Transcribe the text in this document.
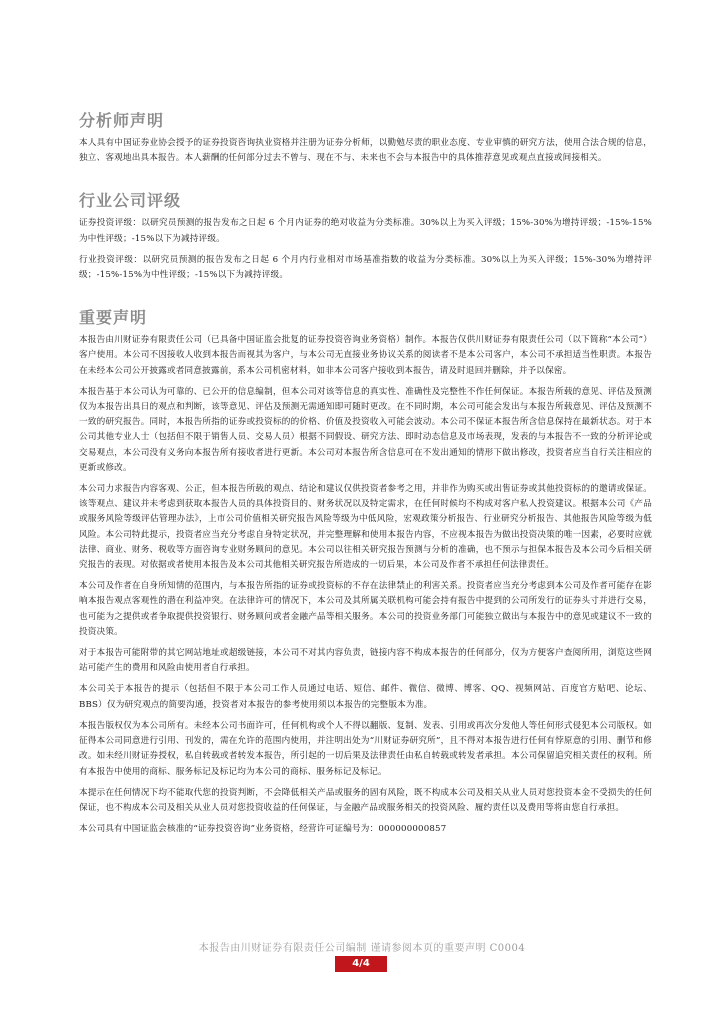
分析师声明

本人具有中国证券业协会授予的证券投资咨询执业资格并注册为证券分析师，以勤勉尽责的职业态度、专业审慎的研究方法，使用合法合规的信息，独立、客观地出具本报告。本人薪酬的任何部分过去不曾与、现在不与、未来也不会与本报告中的具体推荐意见或观点直接或间接相关。

行业公司评级

证券投资评级：以研究员预测的报告发布之日起 6 个月内证券的绝对收益为分类标准。30%以上为买入评级；15%-30%为增持评级；-15%-15%为中性评级；-15%以下为减持评级。

行业投资评级：以研究员预测的报告发布之日起 6 个月内行业相对市场基准指数的收益为分类标准。30%以上为买入评级；15%-30%为增持评级；-15%-15%为中性评级；-15%以下为减持评级。

重要声明

本报告由川财证券有限责任公司（已具备中国证监会批复的证券投资咨询业务资格）制作。本报告仅供川财证券有限责任公司（以下简称“本公司”）客户使用。本公司不因接收人收到本报告而视其为客户，与本公司无直接业务协议关系的阅读者不是本公司客户，本公司不承担适当性职责。本报告在未经本公司公开披露或者同意披露前，系本公司机密材料，如非本公司客户接收到本报告，请及时退回并删除，并予以保密。

本报告基于本公司认为可靠的、已公开的信息编制，但本公司对该等信息的真实性、准确性及完整性不作任何保证。本报告所载的意见、评估及预测仅为本报告出具日的观点和判断，该等意见、评估及预测无需通知即可随时更改。在不同时期，本公司可能会发出与本报告所载意见、评估及预测不一致的研究报告。同时，本报告所指的证券或投资标的的价格、价值及投资收入可能会波动。本公司不保证本报告所含信息保持在最新状态。对于本公司其他专业人士（包括但不限于销售人员、交易人员）根据不同假设、研究方法、即时动态信息及市场表现，发表的与本报告不一致的分析评论或交易观点，本公司没有义务向本报告所有接收者进行更新。本公司对本报告所含信息可在不发出通知的情形下做出修改，投资者应当自行关注相应的更新或修改。

本公司力求报告内容客观、公正，但本报告所载的观点、结论和建议仅供投资者参考之用，并非作为购买或出售证券或其他投资标的的邀请或保证。该等观点、建议并未考虑到获取本报告人员的具体投资目的、财务状况以及特定需求，在任何时候均不构成对客户私人投资建议。根据本公司《产品或服务风险等级评估管理办法》，上市公司价值相关研究报告风险等级为中低风险，宏观政策分析报告、行业研究分析报告、其他报告风险等级为低风险。本公司特此提示，投资者应当充分考虑自身特定状况，并完整理解和使用本报告内容，不应视本报告为做出投资决策的唯一因素，必要时应就法律、商业、财务、税收等方面咨询专业财务顾问的意见。本公司以往相关研究报告预测与分析的准确，也不预示与担保本报告及本公司今后相关研究报告的表现。对依据或者使用本报告及本公司其他相关研究报告所造成的一切后果，本公司及作者不承担任何法律责任。

本公司及作者在自身所知情的范围内，与本报告所指的证券或投资标的不存在法律禁止的利害关系。投资者应当充分考虑到本公司及作者可能存在影响本报告观点客观性的潜在利益冲突。在法律许可的情况下，本公司及其所属关联机构可能会持有报告中提到的公司所发行的证券头寸并进行交易，也可能为之提供或者争取提供投资银行、财务顾问或者金融产品等相关服务。本公司的投资业务部门可能独立做出与本报告中的意见或建议不一致的投资决策。

对于本报告可能附带的其它网站地址或超级链接，本公司不对其内容负责，链接内容不构成本报告的任何部分，仅为方便客户查阅所用，浏览这些网站可能产生的费用和风险由使用者自行承担。

本公司关于本报告的提示（包括但不限于本公司工作人员通过电话、短信、邮件、微信、微博、博客、QQ、视频网站、百度官方贴吧、论坛、BBS）仅为研究观点的简要沟通，投资者对本报告的参考使用须以本报告的完整版本为准。

本报告版权仅为本公司所有。未经本公司书面许可，任何机构或个人不得以翻版、复制、发表、引用或再次分发他人等任何形式侵犯本公司版权。如征得本公司同意进行引用、刊发的，需在允许的范围内使用，并注明出处为“川财证券研究所”，且不得对本报告进行任何有悖原意的引用、删节和修改。如未经川财证券授权，私自转载或者转发本报告，所引起的一切后果及法律责任由私自转载或转发者承担。本公司保留追究相关责任的权利。所有本报告中使用的商标、服务标记及标记均为本公司的商标、服务标记及标记。

本提示在任何情况下均不能取代您的投资判断，不会降低相关产品或服务的固有风险，既不构成本公司及相关从业人员对您投资本金不受损失的任何保证，也不构成本公司及相关从业人员对您投资收益的任何保证，与金融产品或服务相关的投资风险、履约责任以及费用等将由您自行承担。

本公司具有中国证监会核准的“证券投资咨询”业务资格，经营许可证编号为：000000000857

本报告由川财证券有限责任公司编制 谨请参阅本页的重要声明 C0004
4/4
